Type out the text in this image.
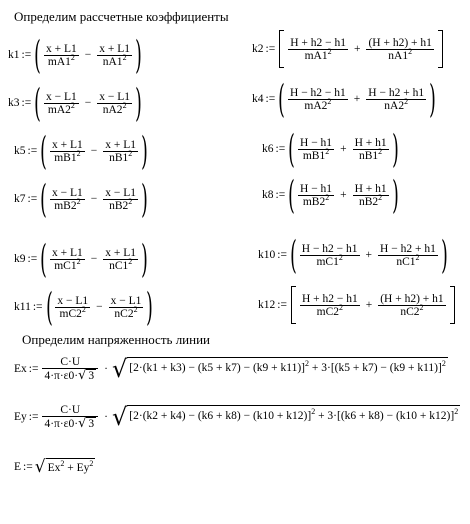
Определим рассчетные коэффициенты
k1 := ( $\frac{x + L1}{mA1^2} - \frac{x + L1}{nA1^2}$ )
k3 := ( $\frac{x - L1}{mA2^2} - \frac{x - L1}{nA2^2}$ )
k5 := ( $\frac{x + L1}{mB1^2} - \frac{x + L1}{nB1^2}$ )
k7 := ( $\frac{x - L1}{mB2^2} - \frac{x - L1}{nB2^2}$ )
k9 := ( $\frac{x + L1}{mC1^2} - \frac{x + L1}{nC1^2}$ )
k11 := ( $\frac{x - L1}{mC2^2} - \frac{x - L1}{nC2^2}$ )
k2 := $\frac{H + h2 - h1}{mA1^2} + \frac{(H + h2) + h1}{nA1^2}$
k4 := ( $\frac{H - h2 - h1}{mA2^2} + \frac{H - h2 + h1}{nA2^2}$ )
k6 := ( $\frac{H - h1}{mB1^2} + \frac{H + h1}{nB1^2}$ )
k8 := ( $\frac{H - h1}{mB2^2} + \frac{H + h1}{nB2^2}$ )
k10 := ( $\frac{H - h2 - h1}{mC1^2} + \frac{H - h2 + h1}{nC1^2}$ )
k12 := $\frac{H + h2 - h1}{mC2^2} + \frac{(H + h2) + h1}{nC2^2}$
Определим напряженность линии
Ex := $\frac{C\cdot U}{4\cdot\pi\cdot\varepsilon 0\cdot √ 3}$ · √ $[2\cdot(k1 + k3) - (k5 + k7) - (k9 + k11)]^2 + 3\cdot[(k5 + k7) - (k9 + k11)]^2$
Ey := $\frac{C\cdot U}{4\cdot\pi\cdot\varepsilon 0\cdot √ 3}$ · √ $[2\cdot(k2 + k4) - (k6 + k8) - (k10 + k12)]^2 + 3\cdot[(k6 + k8) - (k10 + k12)]^2$
E := √ $Ex^2 + Ey^2$
